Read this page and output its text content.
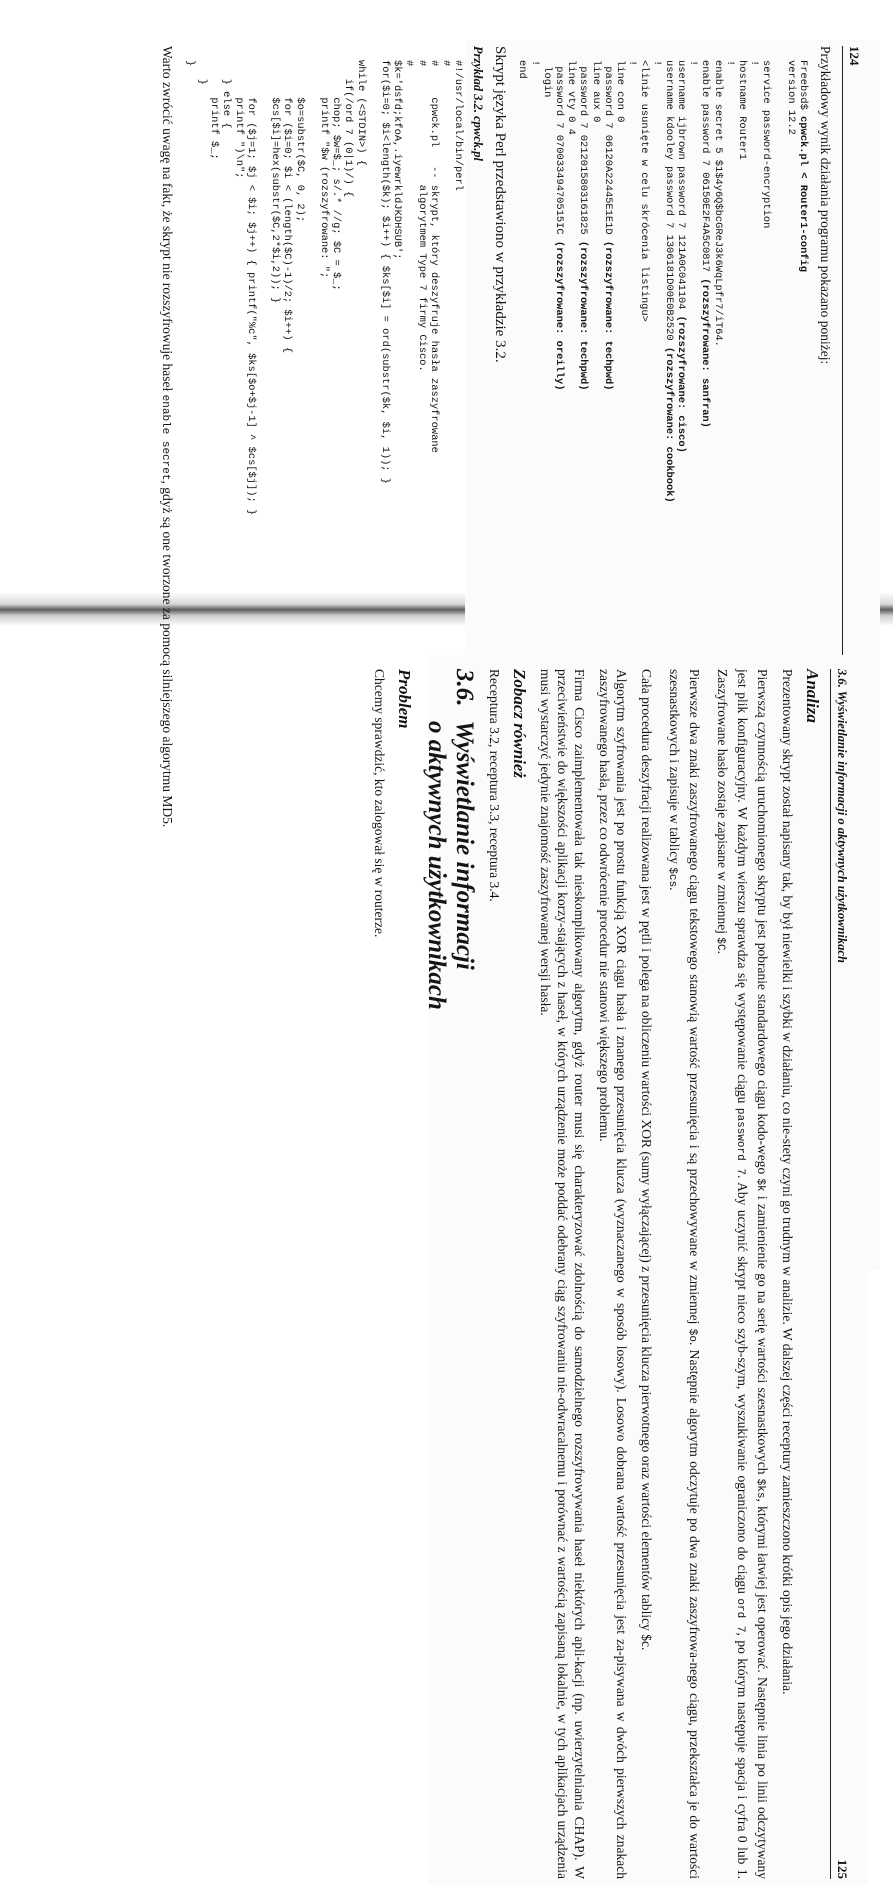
124

Przykładowy wynik działania programu pokazano poniżej:

Freebsd$ cpwck.pl < Router1-config
version 12.2
service password-encryption
!
hostname Router1
!
enable secret 5 $1$4y6Q$bcGReJ3k6WqLpfr7/iT64.
enable password 7 06150E2F4A5C0817 (rozszyfrowane: sanfran)
!
username ijbrown password 7 121A0C041104 (rozszyfrowane: cisco)
username kdooley password 7 1306181D00E0B2520 (rozszyfrowane: cookbook)
!
<linie usunięte w celu skrócenia listingu>
!
line con 0
password 7 06120A22445E1E1D (rozszyfrowane: techpwd)
line aux 0
password 7 0212015803161825 (rozszyfrowane: techpwd)
line vty 0 4
password 7 07003349470515IC (rozszyfrowane: oreilly)
login
!
end
Skrypt języka Perl przedstawiono w przykładzie 3.2.
Przykład 3.2. cpwck.pl
#!/usr/local/bin/perl
#
#     cpwck.pl   -- skrypt, który deszyfruje hasła zaszyfrowane
#                   algorytmem Type 7 firmy Cisco.
#
$k='dsfd;kfoA,.iyewrkldJKDHSUB';
for($i=0; $i<length($k); $i++) { $ks[$i] = ord(substr($k, $i, 1)); }
while (<STDIN>) {
if(/ord 7 (0|1)/) {
chop; $w=$_; s/.* //g; $C = $_;
printf "$w (rozszyfrowane: ";
$o=substr($C, 0, 2);
for ($i=0; $i < (length($C)-1)/2; $i++) {
$cs[$i]=hex(substr($C,2*$i,2)); }
for ($j=1; $j < $i; $j++) { printf("%c", $ks[$o+$j-1] ^ $cs[$j]); }
printf ")\n";
} else {
printf $_;
}
}

Warto zwrócić uwagę na fakt, że skrypt nie rozszyfrowuje haseł enable secret, gdyż są one tworzone za pomocą silniejszego algorytmu MD5.	3.6. Wyświetlanie informacji o aktywnych użytkownikach
125
Analiza

Prezentowany skrypt został napisany tak, by był niewielki i szybki w działaniu, co nie-stety czyni go trudnym w analizie. W dalszej części receptury zamieszczono krótki opis jego działania.

Pierwszą czynnością uruchomionego skryptu jest pobranie standardowego ciągu kodo-wego $k i zamienienie go na serię wartości szesnastkowych $ks, którymi łatwiej jest operować. Następnie linia po linii odczytywany jest plik konfiguracyjny. W każdym wierszu sprawdza się występowanie ciągu password 7. Aby uczynić skrypt nieco szyb-szym, wyszukiwanie ograniczono do ciągu ord 7, po którym następuje spacja i cyfra 0 lub 1. Zaszyfrowane hasło zostaje zapisane w zmiennej $C.

Pierwsze dwa znaki zaszyfrowanego ciągu tekstowego stanowią wartość przesunięcia i są przechowywane w zmiennej $o. Następnie algorytm odczytuje po dwa znaki zaszyfrowa-nego ciągu, przekształca je do wartości szesnastkowych i zapisuje w tablicy $cs.

Cała procedura deszyfracji realizowana jest w pętli i polega na obliczeniu wartości XOR (sumy wyłączającej) z przesunięcia klucza pierwotnego oraz wartości elementów tablicy $c.

Algorytm szyfrowania jest po prostu funkcją XOR ciągu hasła i znanego przesunięcia klucza (wyznaczanego w sposób losowy). Losowo dobrana wartość przesunięcia jest za-pisywana w dwóch pierwszych znakach zaszyfrowanego hasła, przez co odwrócenie procedur nie stanowi większego problemu.

Firma Cisco zaimplementowała tak nieskomplikowany algorytm, gdyż router musi się charakteryzować zdolnością do samodzielnego rozszyfrowywania haseł niektórych apli-kacji (np. uwierzytelniania CHAP). W przeciwieństwie do większości aplikacji korzy-stających z haseł, w których urządzenie może poddać odebrany ciąg szyfrowaniu nie-odwracalnemu i porównać z wartością zapisaną lokalnie, w tych aplikacjach urządzenia musi wystarczyć jedynie znajomość zaszyfrowanej wersji hasła.

Zobacz również

Receptura 3.2, receptura 3.3, receptura 3.4.

3.6.Wyświetlanie informacji
o aktywnych użytkownikach
Problem

Chcemy sprawdzić, kto zalogował się w routerze.
